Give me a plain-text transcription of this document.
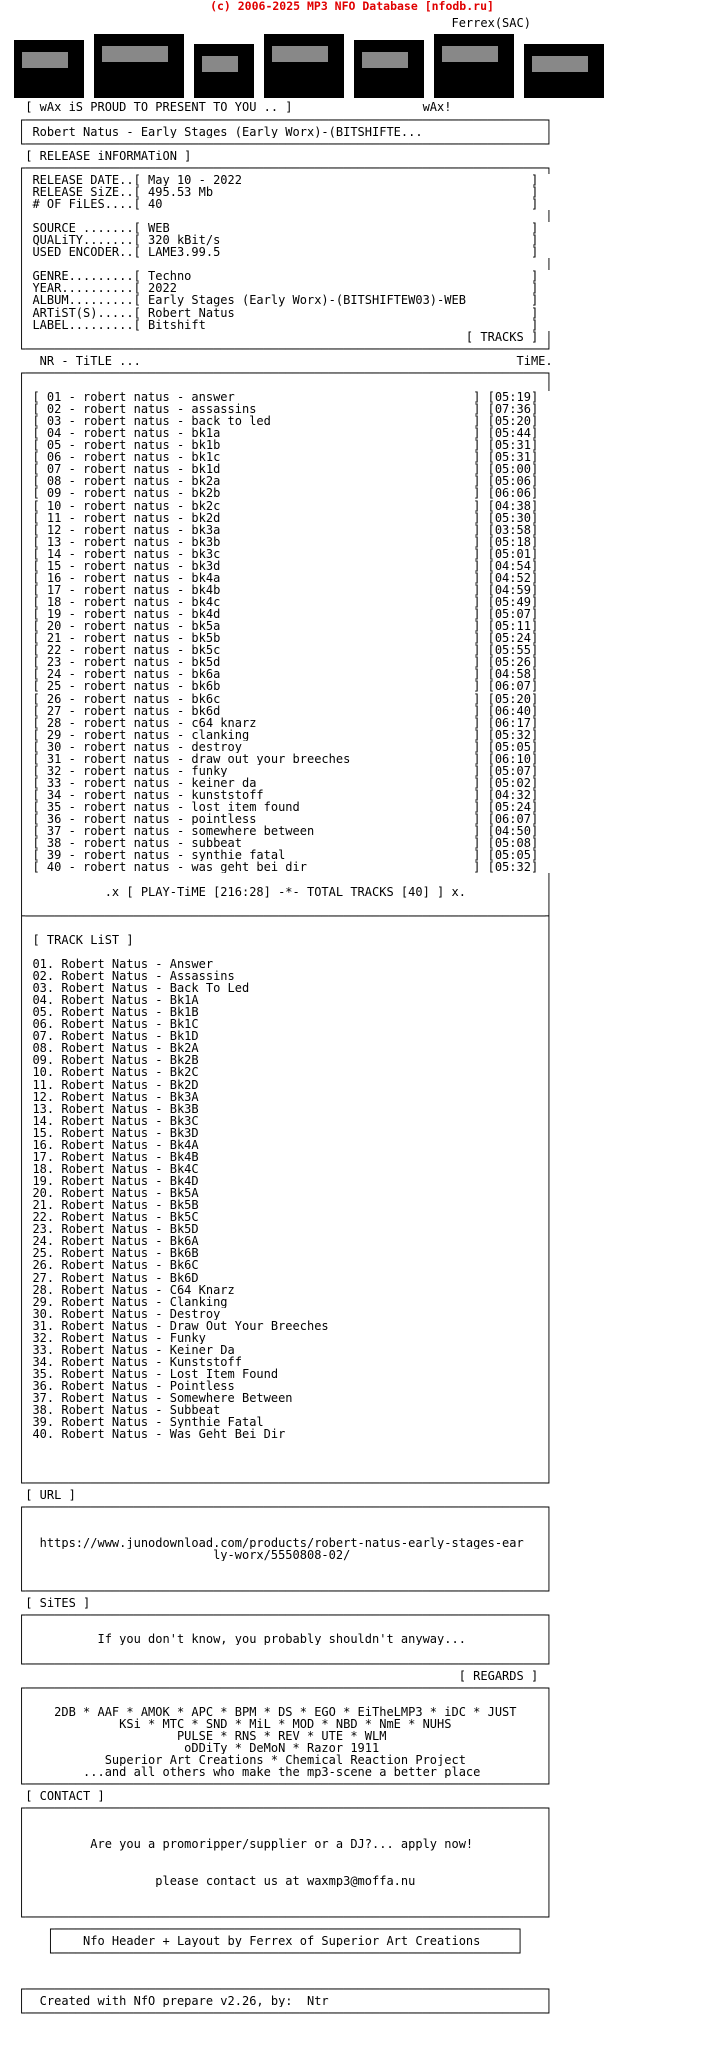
(c) 2006-2025 MP3 NFO Database [nfodb.ru]
Ferrex(SAC)
[ wAx iS PROUD TO PRESENT TO YOU .. ]                  wAx!
┌────────────────────────────────────────────────────────────────────────┐
│ Robert Natus - Early Stages (Early Worx)-(BITSHIFTE...                 │
└────────────────────────────────────────────────────────────────────────┘
[ RELEASE iNFORMATiON ]
┌────────────────────────────────────────────────────────────────────────┐
│ RELEASE DATE..[ May 10 - 2022                                        ]
│ RELEASE SiZE..[ 495.53 Mb                                            ]
│ # OF FiLES....[ 40                                                   ]
│                                                                        │
│ SOURCE .......[ WEB                                                  ]
│ QUALiTY.......[ 320 kBit/s                                           ]
│ USED ENCODER..[ LAME3.99.5                                           ]
│                                                                        │
│ GENRE.........[ Techno                                               ]
│ YEAR..........[ 2022                                                 ]
│ ALBUM.........[ Early Stages (Early Worx)-(BITSHIFTEW03)-WEB         ]
│ ARTiST(S).....[ Robert Natus                                         ]
│ LABEL.........[ Bitshift                                             ]
│                                                             [ TRACKS ] │
└────────────────────────────────────────────────────────────────────────┘
NR - TiTLE ...                                                    TiME.
┌────────────────────────────────────────────────────────────────────────┐
│                                                                        │
│ [ 01 - robert natus - answer                                 ] [05:19]
│ [ 02 - robert natus - assassins                              ] [07:36]
│ [ 03 - robert natus - back to led                            ] [05:20]
│ [ 04 - robert natus - bk1a                                   ] [05:44]
│ [ 05 - robert natus - bk1b                                   ] [05:31]
│ [ 06 - robert natus - bk1c                                   ] [05:31]
│ [ 07 - robert natus - bk1d                                   ] [05:00]
│ [ 08 - robert natus - bk2a                                   ] [05:06]
│ [ 09 - robert natus - bk2b                                   ] [06:06]
│ [ 10 - robert natus - bk2c                                   ] [04:38]
│ [ 11 - robert natus - bk2d                                   ] [05:30]
│ [ 12 - robert natus - bk3a                                   ] [03:58]
│ [ 13 - robert natus - bk3b                                   ] [05:18]
│ [ 14 - robert natus - bk3c                                   ] [05:01]
│ [ 15 - robert natus - bk3d                                   ] [04:54]
│ [ 16 - robert natus - bk4a                                   ] [04:52]
│ [ 17 - robert natus - bk4b                                   ] [04:59]
│ [ 18 - robert natus - bk4c                                   ] [05:49]
│ [ 19 - robert natus - bk4d                                   ] [05:07]
│ [ 20 - robert natus - bk5a                                   ] [05:11]
│ [ 21 - robert natus - bk5b                                   ] [05:24]
│ [ 22 - robert natus - bk5c                                   ] [05:55]
│ [ 23 - robert natus - bk5d                                   ] [05:26]
│ [ 24 - robert natus - bk6a                                   ] [04:58]
│ [ 25 - robert natus - bk6b                                   ] [06:07]
│ [ 26 - robert natus - bk6c                                   ] [05:20]
│ [ 27 - robert natus - bk6d                                   ] [06:40]
│ [ 28 - robert natus - c64 knarz                              ] [06:17]
│ [ 29 - robert natus - clanking                               ] [05:32]
│ [ 30 - robert natus - destroy                                ] [05:05]
│ [ 31 - robert natus - draw out your breeches                 ] [06:10]
│ [ 32 - robert natus - funky                                  ] [05:07]
│ [ 33 - robert natus - keiner da                              ] [05:02]
│ [ 34 - robert natus - kunststoff                             ] [04:32]
│ [ 35 - robert natus - lost item found                        ] [05:24]
│ [ 36 - robert natus - pointless                              ] [06:07]
│ [ 37 - robert natus - somewhere between                      ] [04:50]
│ [ 38 - robert natus - subbeat                                ] [05:08]
│ [ 39 - robert natus - synthie fatal                          ] [05:05]
│ [ 40 - robert natus - was geht bei dir                       ] [05:32]
│                                                                        │
│           .x [ PLAY-TiME [216:28] -*- TOTAL TRACKS [40] ] x.           │
│                                                                        │
├────────────────────────────────────────────────────────────────────────┤
│                                                                        │
│ [ TRACK LiST ]                                                         │
│                                                                        │
│ 01. Robert Natus - Answer                                              │
│ 02. Robert Natus - Assassins                                           │
│ 03. Robert Natus - Back To Led                                         │
│ 04. Robert Natus - Bk1A                                                │
│ 05. Robert Natus - Bk1B                                                │
│ 06. Robert Natus - Bk1C                                                │
│ 07. Robert Natus - Bk1D                                                │
│ 08. Robert Natus - Bk2A                                                │
│ 09. Robert Natus - Bk2B                                                │
│ 10. Robert Natus - Bk2C                                                │
│ 11. Robert Natus - Bk2D                                                │
│ 12. Robert Natus - Bk3A                                                │
│ 13. Robert Natus - Bk3B                                                │
│ 14. Robert Natus - Bk3C                                                │
│ 15. Robert Natus - Bk3D                                                │
│ 16. Robert Natus - Bk4A                                                │
│ 17. Robert Natus - Bk4B                                                │
│ 18. Robert Natus - Bk4C                                                │
│ 19. Robert Natus - Bk4D                                                │
│ 20. Robert Natus - Bk5A                                                │
│ 21. Robert Natus - Bk5B                                                │
│ 22. Robert Natus - Bk5C                                                │
│ 23. Robert Natus - Bk5D                                                │
│ 24. Robert Natus - Bk6A                                                │
│ 25. Robert Natus - Bk6B                                                │
│ 26. Robert Natus - Bk6C                                                │
│ 27. Robert Natus - Bk6D                                                │
│ 28. Robert Natus - C64 Knarz                                           │
│ 29. Robert Natus - Clanking                                            │
│ 30. Robert Natus - Destroy                                             │
│ 31. Robert Natus - Draw Out Your Breeches                              │
│ 32. Robert Natus - Funky                                               │
│ 33. Robert Natus - Keiner Da                                           │
│ 34. Robert Natus - Kunststoff                                          │
│ 35. Robert Natus - Lost Item Found                                     │
│ 36. Robert Natus - Pointless                                           │
│ 37. Robert Natus - Somewhere Between                                   │
│ 38. Robert Natus - Subbeat                                             │
│ 39. Robert Natus - Synthie Fatal                                       │
│ 40. Robert Natus - Was Geht Bei Dir                                    │
│                                                                        │
│                                                                        │
│                                                                        │
└────────────────────────────────────────────────────────────────────────┘
[ URL ]
┌────────────────────────────────────────────────────────────────────────┐
│                                                                        │
│                                                                        │
│  https://www.junodownload.com/products/robert-natus-early-stages-ear   │
│                          ly-worx/5550808-02/                           │
│                                                                        │
│                                                                        │
└────────────────────────────────────────────────────────────────────────┘
[ SiTES ]
┌────────────────────────────────────────────────────────────────────────┐
│                                                                        │
│          If you don't know, you probably shouldn't anyway...           │
│                                                                        │
└────────────────────────────────────────────────────────────────────────┘
[ REGARDS ]
┌────────────────────────────────────────────────────────────────────────┐
│                                                                        │
│    2DB * AAF * AMOK * APC * BPM * DS * EGO * EiTheLMP3 * iDC * JUST    │
│             KSi * MTC * SND * MiL * MOD * NBD * NmE * NUHS             │
│                     PULSE * RNS * REV * UTE * WLM                      │
│                      oDDiTy * DeMoN * Razor 1911                       │
│           Superior Art Creations * Chemical Reaction Project           │
│        ...and all others who make the mp3-scene a better place         │
└────────────────────────────────────────────────────────────────────────┘
[ CONTACT ]
┌────────────────────────────────────────────────────────────────────────┐
│                                                                        │
│                                                                        │
│         Are you a promoripper/supplier or a DJ?... apply now!          │
│                                                                        │
│                                                                        │
│                  please contact us at waxmp3@moffa.nu                  │
│                                                                        │
│                                                                        │
└────────────────────────────────────────────────────────────────────────┘
┌────────────────────────────────────────────────────────────────┐
│    Nfo Header + Layout by Ferrex of Superior Art Creations     │
└────────────────────────────────────────────────────────────────┘
┌────────────────────────────────────────────────────────────────────────┐
│  Created with NfO prepare v2.26, by: _Ntr_                             │
└────────────────────────────────────────────────────────────────────────┘
